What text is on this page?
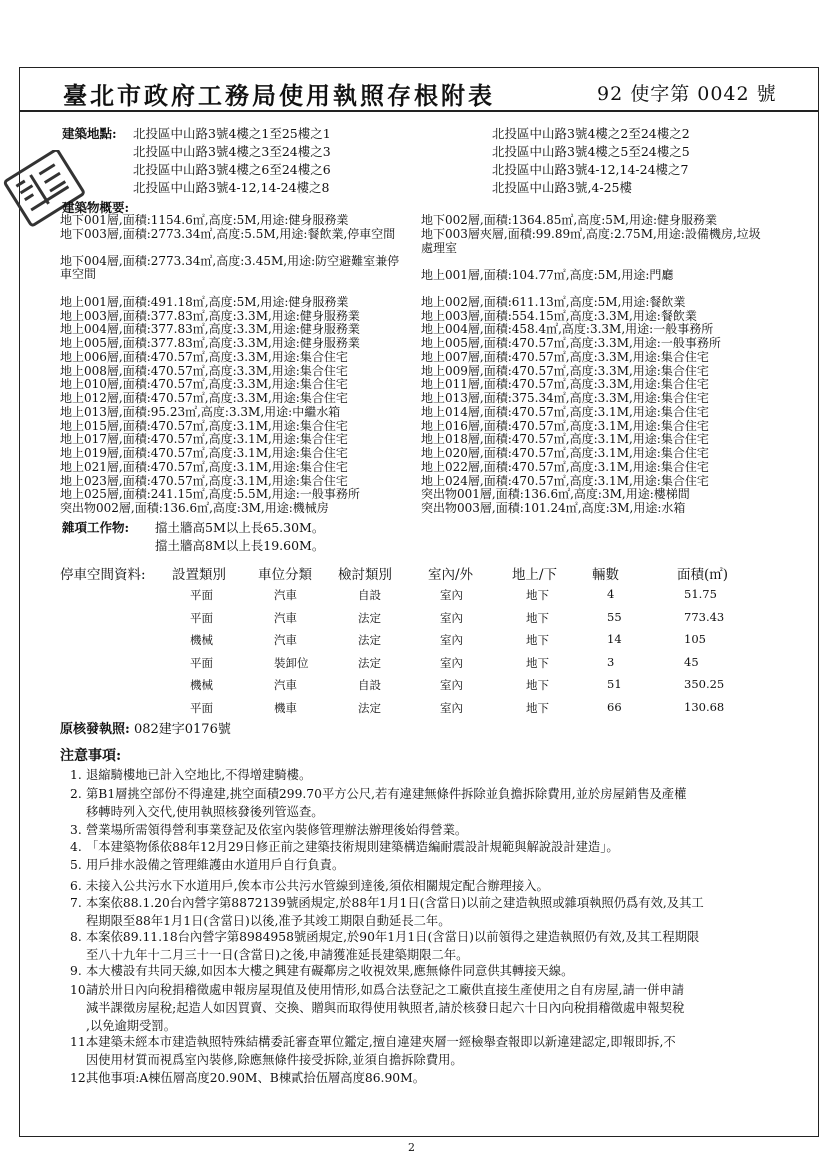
臺北市政府工務局使用執照存根附表	92 使字第 0042 號
建築地點: 北投區中山路3號4樓之1至25樓之1
北投區中山路3號4樓之3至24樓之3
北投區中山路3號4樓之6至24樓之6
北投區中山路3號4-12,14-24樓之8
北投區中山路3號4樓之2至24樓之2
北投區中山路3號4樓之5至24樓之5
北投區中山路3號4-12,14-24樓之7
北投區中山路3號,4-25樓
建築物概要:
地下001層,面積:1154.6㎡,高度:5M,用途:健身服務業
地下003層,面積:2773.34㎡,高度:5.5M,用途:餐飲業,停車空間
地下004層,面積:2773.34㎡,高度:3.45M,用途:防空避難室兼停
車空間
地上001層,面積:491.18㎡,高度:5M,用途:健身服務業
地上003層,面積:377.83㎡,高度:3.3M,用途:健身服務業
地上004層,面積:377.83㎡,高度:3.3M,用途:健身服務業
地上005層,面積:377.83㎡,高度:3.3M,用途:健身服務業
地上006層,面積:470.57㎡,高度:3.3M,用途:集合住宅
地上008層,面積:470.57㎡,高度:3.3M,用途:集合住宅
地上010層,面積:470.57㎡,高度:3.3M,用途:集合住宅
地上012層,面積:470.57㎡,高度:3.3M,用途:集合住宅
地上013層,面積:95.23㎡,高度:3.3M,用途:中繼水箱
地上015層,面積:470.57㎡,高度:3.1M,用途:集合住宅
地上017層,面積:470.57㎡,高度:3.1M,用途:集合住宅
地上019層,面積:470.57㎡,高度:3.1M,用途:集合住宅
地上021層,面積:470.57㎡,高度:3.1M,用途:集合住宅
地上023層,面積:470.57㎡,高度:3.1M,用途:集合住宅
地上025層,面積:241.15㎡,高度:5.5M,用途:一般事務所
突出物002層,面積:136.6㎡,高度:3M,用途:機械房
地下002層,面積:1364.85㎡,高度:5M,用途:健身服務業
地下003層夾層,面積:99.89㎡,高度:2.75M,用途:設備機房,垃圾
處理室
地上001層,面積:104.77㎡,高度:5M,用途:門廳
地上002層,面積:611.13㎡,高度:5M,用途:餐飲業
地上003層,面積:554.15㎡,高度:3.3M,用途:餐飲業
地上004層,面積:458.4㎡,高度:3.3M,用途:一般事務所
地上005層,面積:470.57㎡,高度:3.3M,用途:一般事務所
地上007層,面積:470.57㎡,高度:3.3M,用途:集合住宅
地上009層,面積:470.57㎡,高度:3.3M,用途:集合住宅
地上011層,面積:470.57㎡,高度:3.3M,用途:集合住宅
地上013層,面積:375.34㎡,高度:3.3M,用途:集合住宅
地上014層,面積:470.57㎡,高度:3.1M,用途:集合住宅
地上016層,面積:470.57㎡,高度:3.1M,用途:集合住宅
地上018層,面積:470.57㎡,高度:3.1M,用途:集合住宅
地上020層,面積:470.57㎡,高度:3.1M,用途:集合住宅
地上022層,面積:470.57㎡,高度:3.1M,用途:集合住宅
地上024層,面積:470.57㎡,高度:3.1M,用途:集合住宅
突出物001層,面積:136.6㎡,高度:3M,用途:樓梯間
突出物003層,面積:101.24㎡,高度:3M,用途:水箱
雜項工作物: 擋土牆高5M以上長65.30M。
擋土牆高8M以上長19.60M。
停車空間資料: 設置類別 車位分類 檢討類別	室內/外	地上/下	輛數	面積(㎡)
平面	汽車	自設	室內	地下	4	51.75
平面	汽車	法定	室內	地下	55	773.43
機械	汽車	法定	室內	地下	14	105
平面	裝卸位	法定	室內	地下	3	45
機械	汽車	自設	室內	地下	51	350.25
平面	機車	法定	室內	地下	66	130.68
原核發執照: 082建字0176號
注意事項:
1. 退縮騎樓地已計入空地比,不得增建騎樓。
2. 第B1層挑空部份不得違建,挑空面積299.70平方公尺,若有違建無條件拆除並負擔拆除費用,並於房屋銷售及產權
移轉時列入交代,使用執照核發後列管巡查。
3. 營業場所需領得營利事業登記及依室內裝修管理辦法辦理後始得營業。
4. 「本建築物係依88年12月29日修正前之建築技術規則建築構造編耐震設計規範與解說設計建造」。
5. 用戶排水設備之管理維護由水道用戶自行負責。
6. 未接入公共污水下水道用戶,俟本市公共污水管線到達後,須依相關規定配合辦理接入。
7. 本案依88.1.20台內營字第8872139號函規定,於88年1月1日(含當日)以前之建造執照或雜項執照仍爲有效,及其工
程期限至88年1月1日(含當日)以後,准予其竣工期限自動延長二年。
8. 本案依89.11.18台內營字第8984958號函規定,於90年1月1日(含當日)以前領得之建造執照仍有效,及其工程期限
至八十九年十二月三十一日(含當日)之後,申請獲准延長建築期限二年。
9. 本大樓設有共同天線,如因本大樓之興建有礙鄰房之收視效果,應無條件同意供其轉接天線。
10.請於卅日內向稅捐稽徵處申報房屋現值及使用情形,如爲合法登記之工廠供直接生產使用之自有房屋,請一併申請
減半課徵房屋稅;起造人如因買賣、交換、贈與而取得使用執照者,請於核發日起六十日內向稅捐稽徵處申報契稅
,以免逾期受罰。
11.本建築未經本市建造執照特殊結構委託審查單位鑑定,擅自違建夾層一經檢舉查報即以新違建認定,即報即拆,不
因使用材質而視爲室內裝修,除應無條件接受拆除,並須自擔拆除費用。
12.其他事項:A棟伍層高度20.90M、B棟貳拾伍層高度86.90M。
2
